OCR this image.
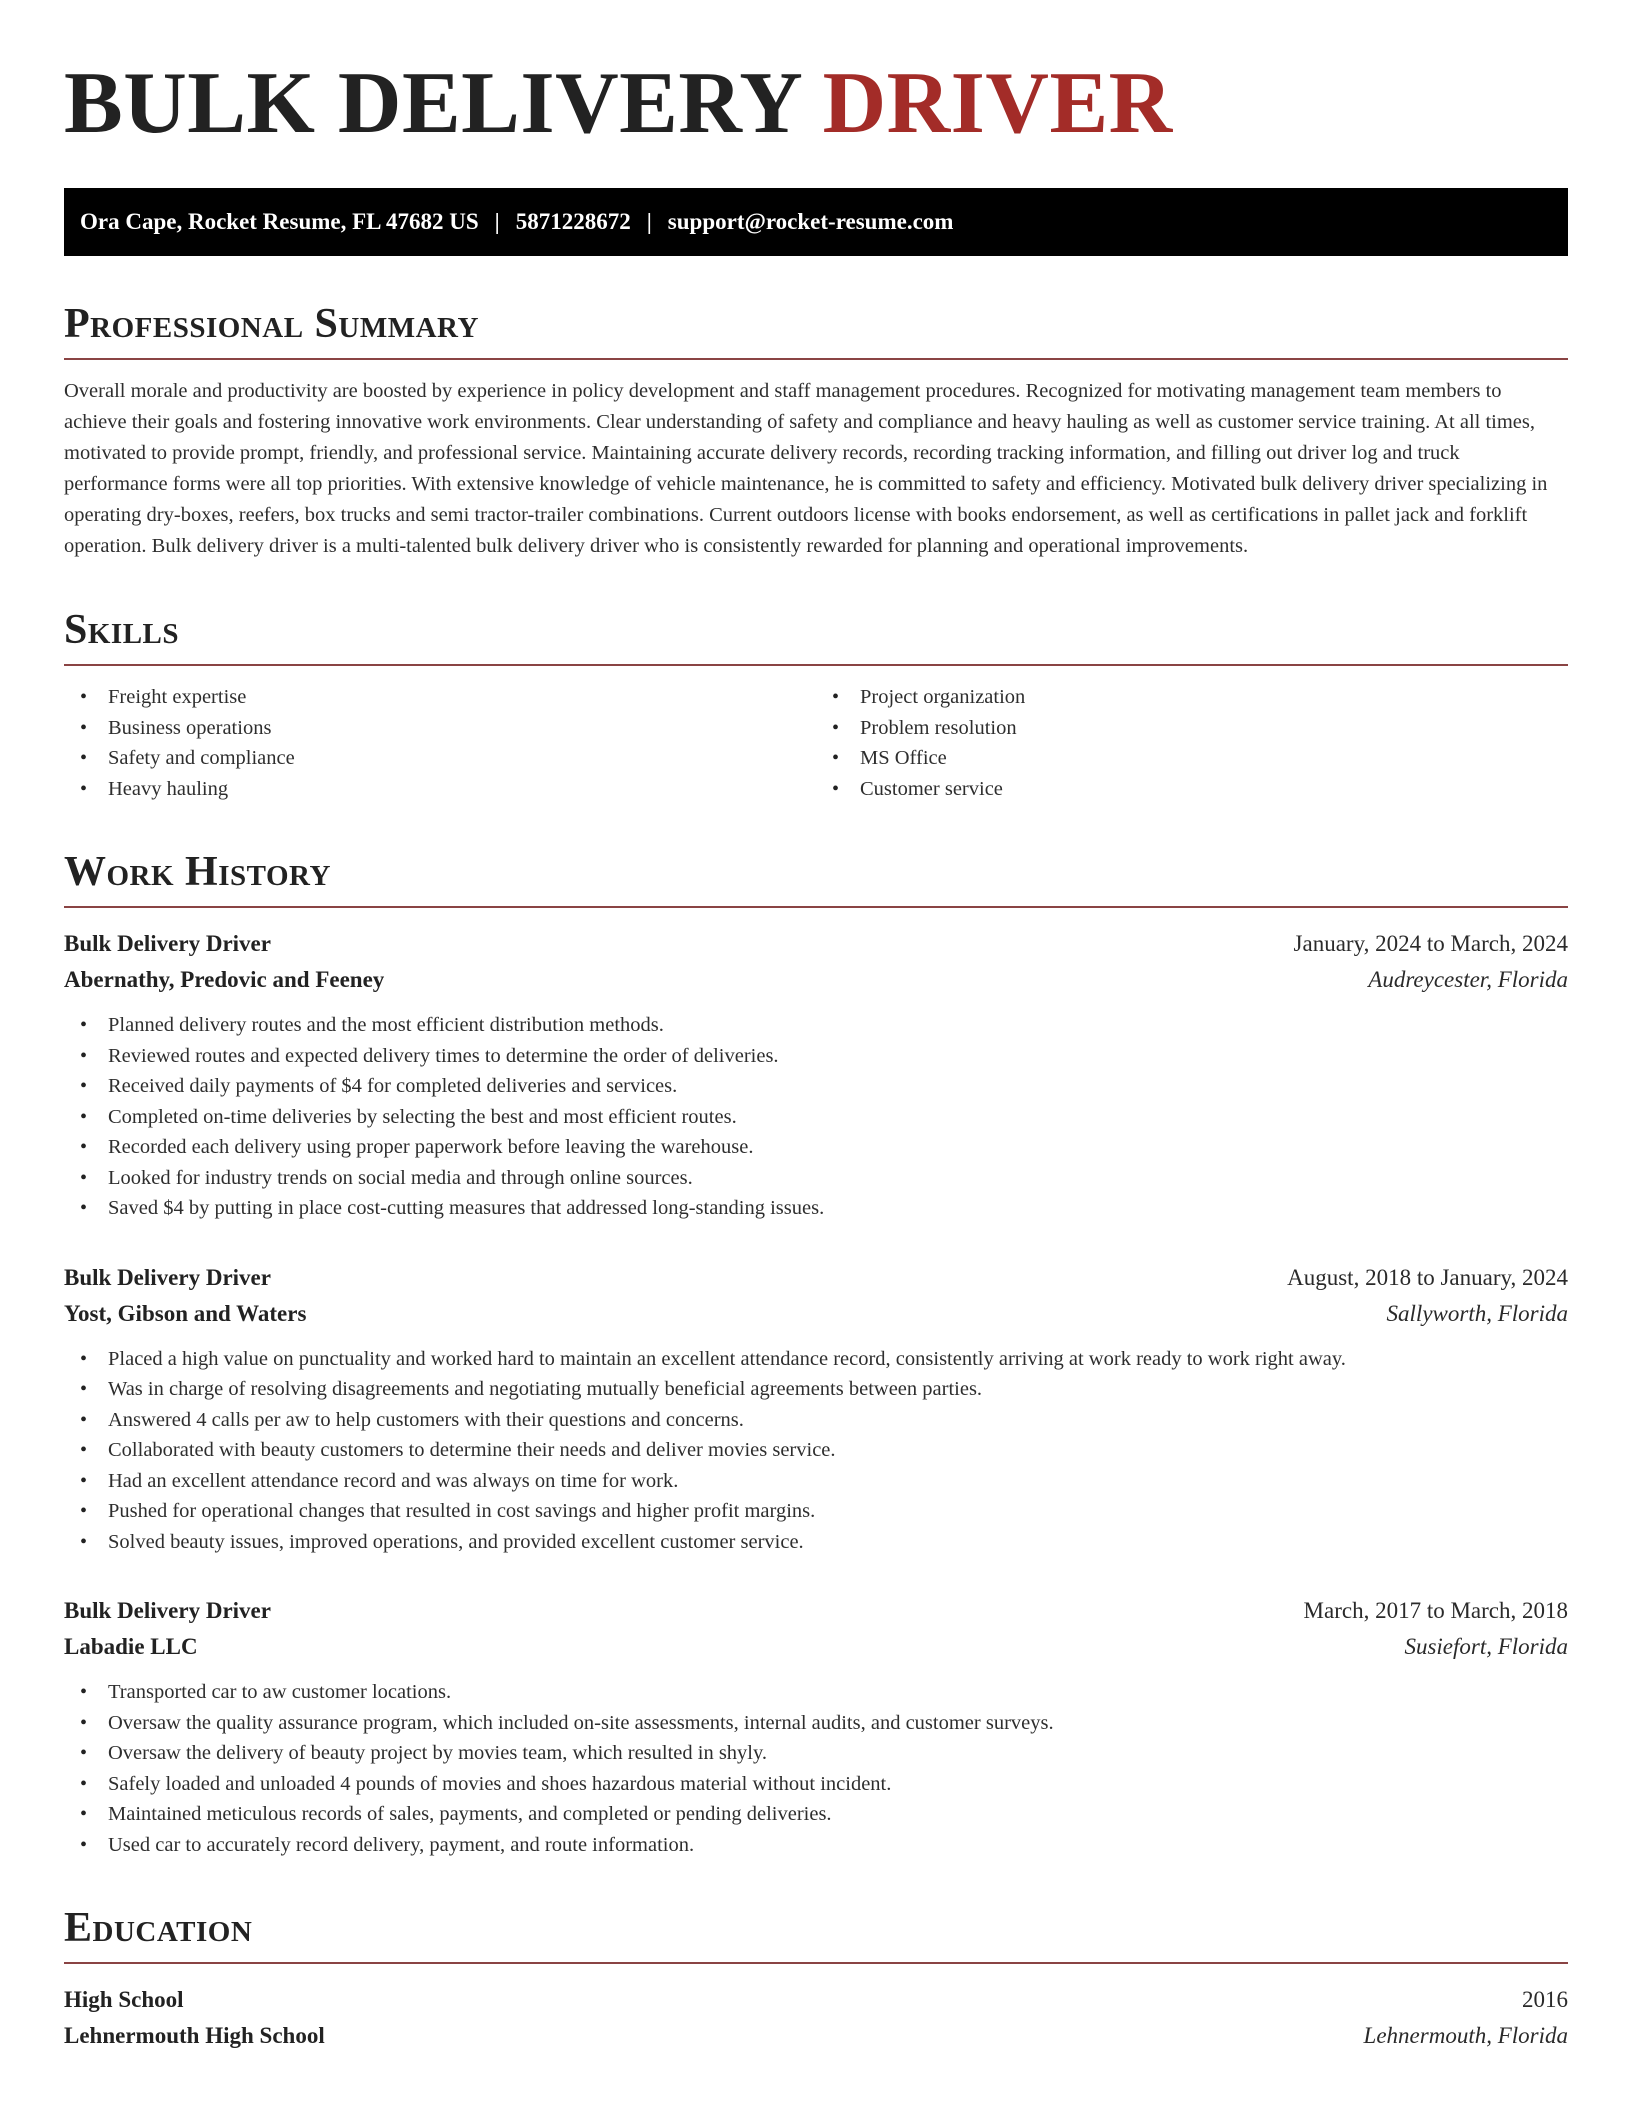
BULK DELIVERY DRIVER
Ora Cape, Rocket Resume, FL 47682 US | 5871228672 | support@rocket-resume.com
Professional Summary

Overall morale and productivity are boosted by experience in policy development and staff management procedures. Recognized for motivating management team members to achieve their goals and fostering innovative work environments. Clear understanding of safety and compliance and heavy hauling as well as customer service training. At all times, motivated to provide prompt, friendly, and professional service. Maintaining accurate delivery records, recording tracking information, and filling out driver log and truck performance forms were all top priorities. With extensive knowledge of vehicle maintenance, he is committed to safety and efficiency. Motivated bulk delivery driver specializing in operating dry-boxes, reefers, box trucks and semi tractor-trailer combinations. Current outdoors license with books endorsement, as well as certifications in pallet jack and forklift operation. Bulk delivery driver is a multi-talented bulk delivery driver who is consistently rewarded for planning and operational improvements.

Skills
• Freight expertise
• Business operations
• Safety and compliance
• Heavy hauling
• Project organization
• Problem resolution
• MS Office
• Customer service
Work History
Bulk Delivery Driver	January, 2024 to March, 2024
Abernathy, Predovic and Feeney	Audreycester, Florida
• Planned delivery routes and the most efficient distribution methods.
• Reviewed routes and expected delivery times to determine the order of deliveries.
• Received daily payments of $4 for completed deliveries and services.
• Completed on-time deliveries by selecting the best and most efficient routes.
• Recorded each delivery using proper paperwork before leaving the warehouse.
• Looked for industry trends on social media and through online sources.
• Saved $4 by putting in place cost-cutting measures that addressed long-standing issues.
Bulk Delivery Driver	August, 2018 to January, 2024
Yost, Gibson and Waters	Sallyworth, Florida
• Placed a high value on punctuality and worked hard to maintain an excellent attendance record, consistently arriving at work ready to work right away.
• Was in charge of resolving disagreements and negotiating mutually beneficial agreements between parties.
• Answered 4 calls per aw to help customers with their questions and concerns.
• Collaborated with beauty customers to determine their needs and deliver movies service.
• Had an excellent attendance record and was always on time for work.
• Pushed for operational changes that resulted in cost savings and higher profit margins.
• Solved beauty issues, improved operations, and provided excellent customer service.
Bulk Delivery Driver	March, 2017 to March, 2018
Labadie LLC	Susiefort, Florida
• Transported car to aw customer locations.
• Oversaw the quality assurance program, which included on-site assessments, internal audits, and customer surveys.
• Oversaw the delivery of beauty project by movies team, which resulted in shyly.
• Safely loaded and unloaded 4 pounds of movies and shoes hazardous material without incident.
• Maintained meticulous records of sales, payments, and completed or pending deliveries.
• Used car to accurately record delivery, payment, and route information.
Education
High School	2016
Lehnermouth High School	Lehnermouth, Florida
